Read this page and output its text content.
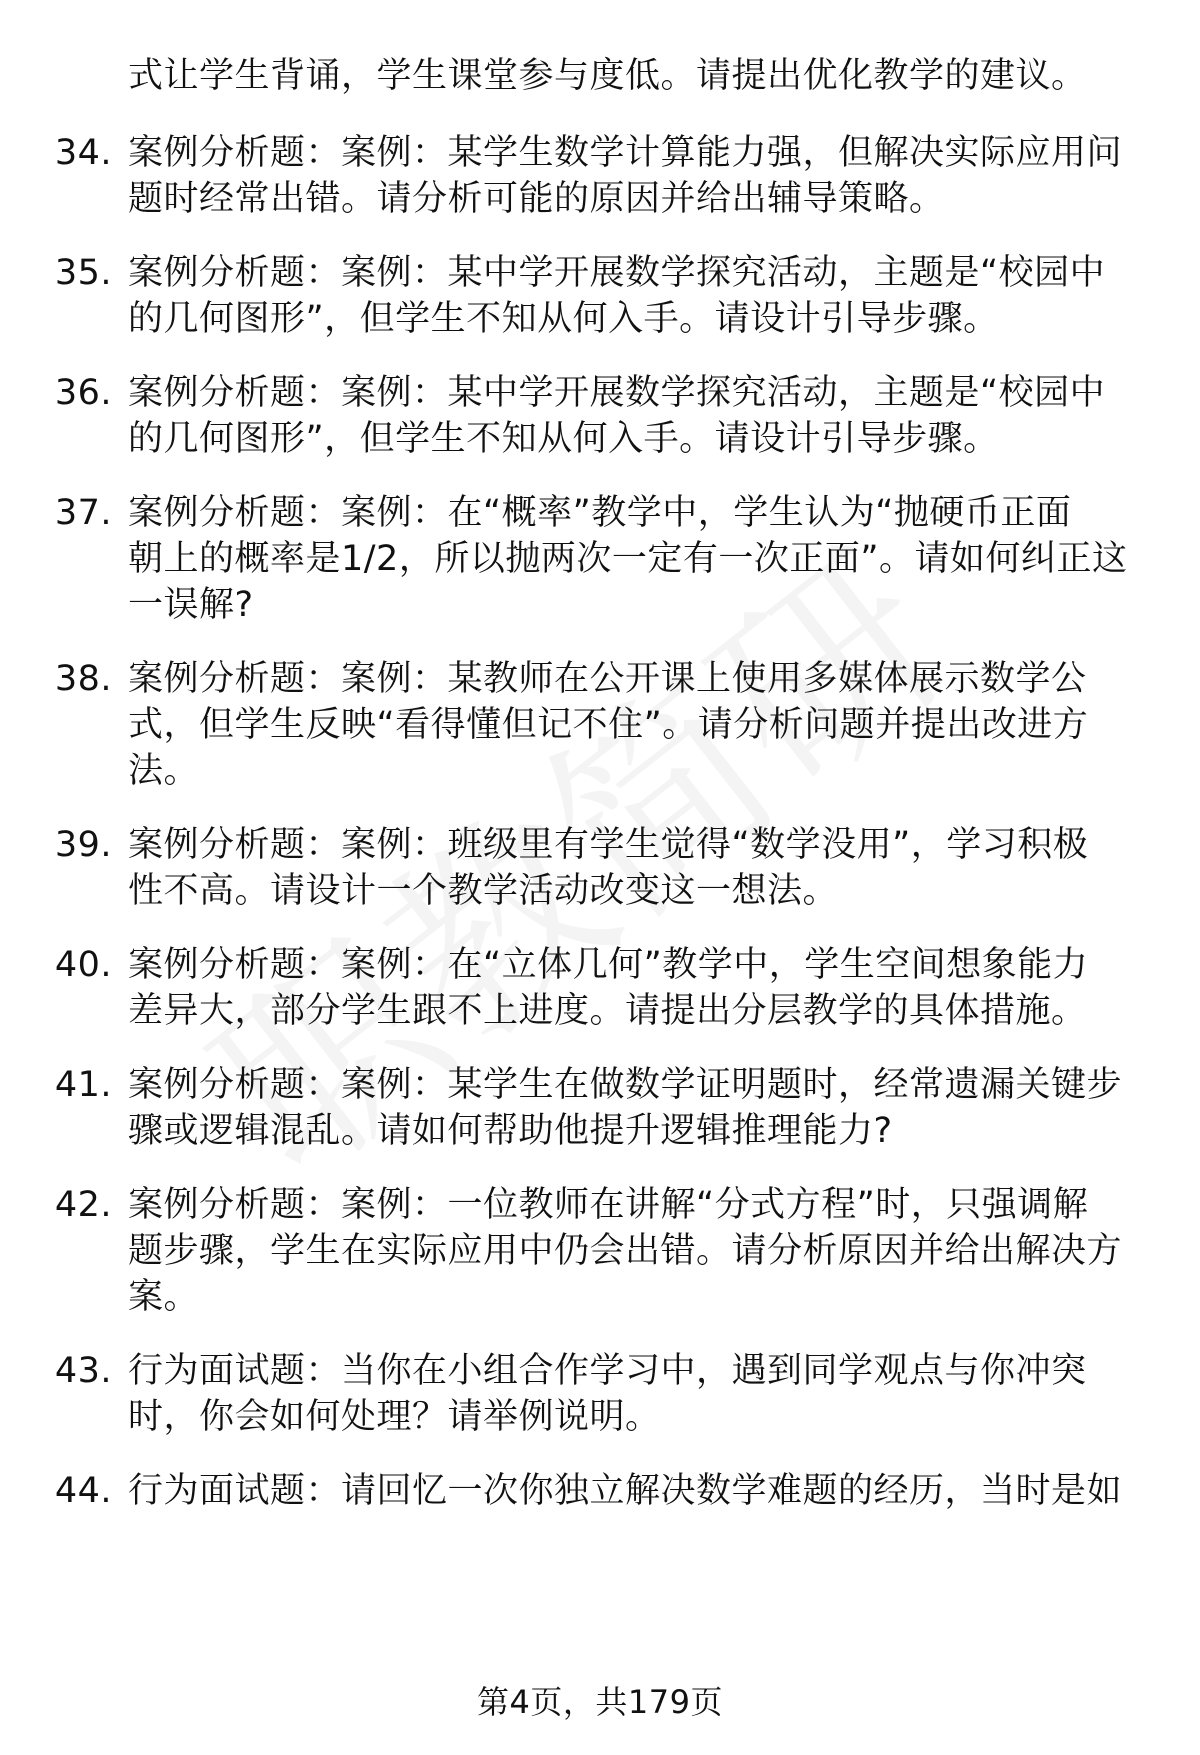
式让学生背诵，学生课堂参与度低。请提出优化教学的建议。
34. 案例分析题：案例：某学生数学计算能力强，但解决实际应用问
题时经常出错。请分析可能的原因并给出辅导策略。
35. 案例分析题：案例：某中学开展数学探究活动，主题是“校园中
的几何图形”，但学生不知从何入手。请设计引导步骤。
36. 案例分析题：案例：某中学开展数学探究活动，主题是“校园中
的几何图形”，但学生不知从何入手。请设计引导步骤。
37. 案例分析题：案例：在“概率”教学中，学生认为“抛硬币正面
朝上的概率是1/2，所以抛两次一定有一次正面”。请如何纠正这
一误解?
38. 案例分析题：案例：某教师在公开课上使用多媒体展示数学公
式，但学生反映“看得懂但记不住”。请分析问题并提出改进方
法。
39. 案例分析题：案例：班级里有学生觉得“数学没用”，学习积极
性不高。请设计一个教学活动改变这一想法。
40. 案例分析题：案例：在“立体几何”教学中，学生空间想象能力
差异大，部分学生跟不上进度。请提出分层教学的具体措施。
41. 案例分析题：案例：某学生在做数学证明题时，经常遗漏关键步
骤或逻辑混乱。请如何帮助他提升逻辑推理能力?
42. 案例分析题：案例：一位教师在讲解“分式方程”时，只强调解
题步骤，学生在实际应用中仍会出错。请分析原因并给出解决方
案。
43. 行为面试题：当你在小组合作学习中，遇到同学观点与你冲突
时，你会如何处理？请举例说明。
44. 行为面试题：请回忆一次你独立解决数学难题的经历，当时是如
第4页，共179页
